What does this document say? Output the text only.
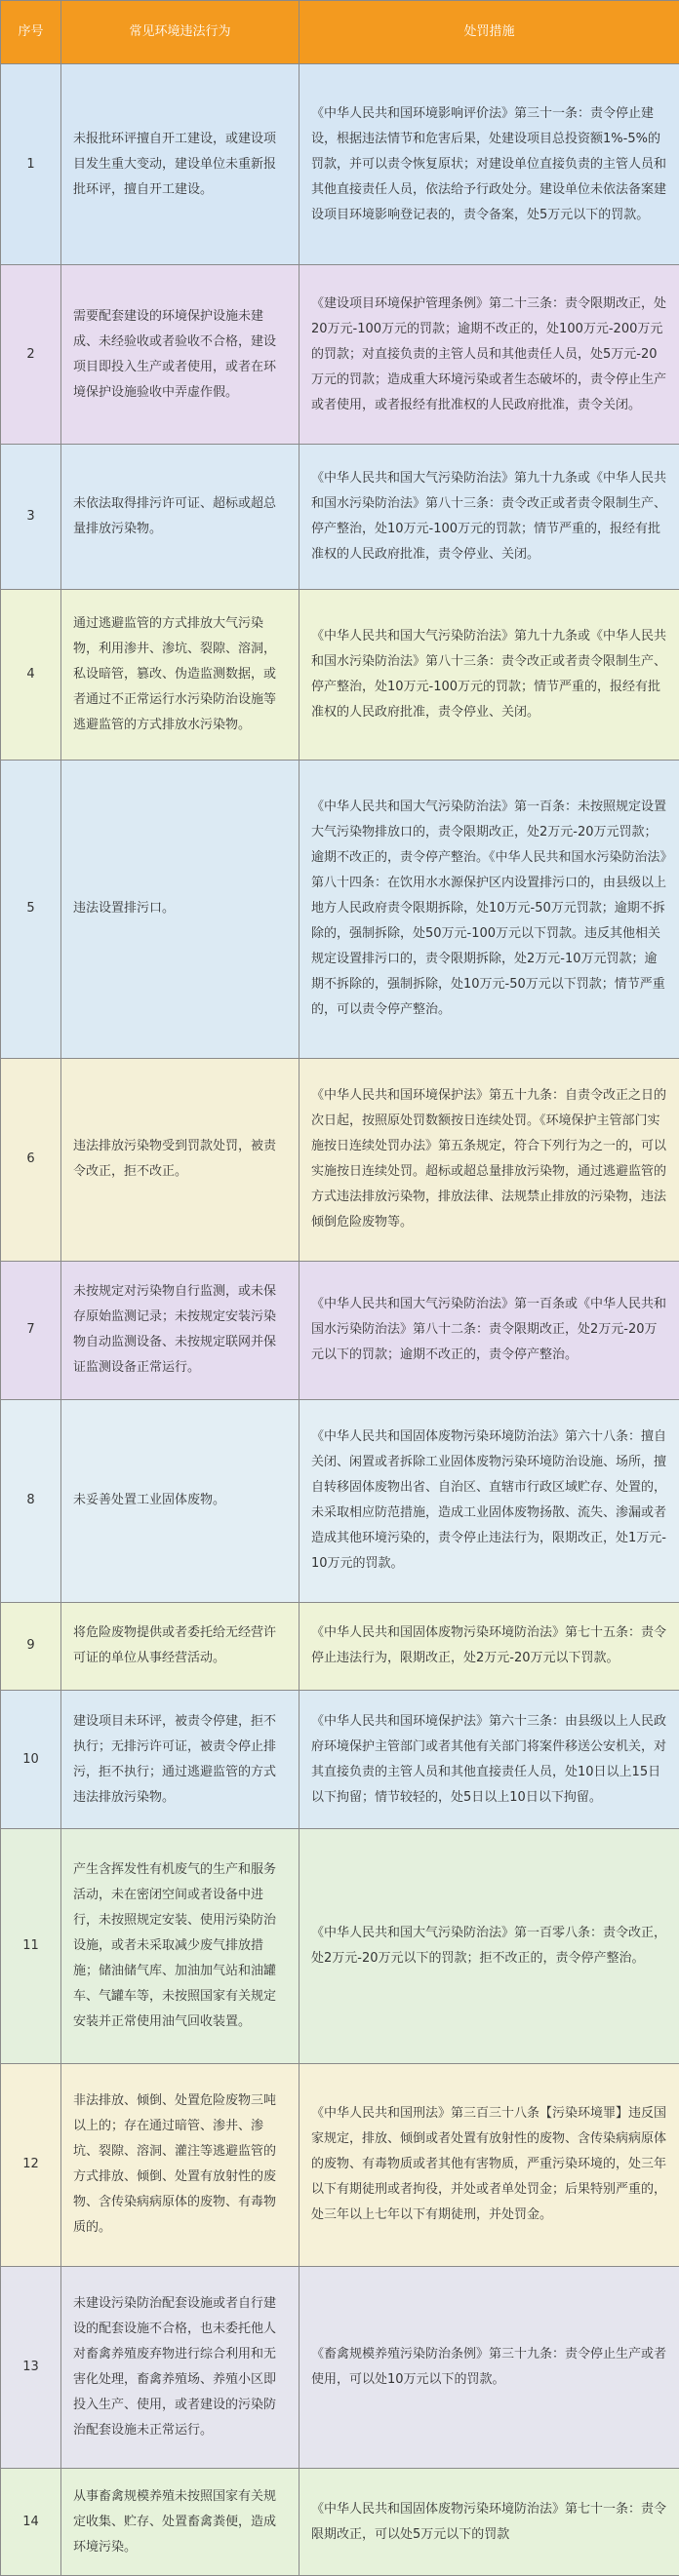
序号	常见环境违法行为	处罚措施
1	未报批环评擅自开工建设，或建设项目发生重大变动，建设单位未重新报批环评，擅自开工建设。	《中华人民共和国环境影响评价法》第三十一条：责令停止建设，根据违法情节和危害后果，处建设项目总投资额1%-5%的罚款，并可以责令恢复原状；对建设单位直接负责的主管人员和其他直接责任人员，依法给予行政处分。建设单位未依法备案建设项目环境影响登记表的，责令备案，处5万元以下的罚款。
2	需要配套建设的环境保护设施未建成、未经验收或者验收不合格，建设项目即投入生产或者使用，或者在环境保护设施验收中弄虚作假。	《建设项目环境保护管理条例》第二十三条：责令限期改正，处20万元-100万元的罚款；逾期不改正的，处100万元-200万元的罚款；对直接负责的主管人员和其他责任人员，处5万元-20万元的罚款；造成重大环境污染或者生态破坏的，责令停止生产或者使用，或者报经有批准权的人民政府批准，责令关闭。
3	未依法取得排污许可证、超标或超总量排放污染物。	《中华人民共和国大气污染防治法》第九十九条或《中华人民共和国水污染防治法》第八十三条：责令改正或者责令限制生产、停产整治，处10万元-100万元的罚款；情节严重的，报经有批准权的人民政府批准，责令停业、关闭。
4	通过逃避监管的方式排放大气污染物，利用渗井、渗坑、裂隙、溶洞，私设暗管，篡改、伪造监测数据，或者通过不正常运行水污染防治设施等逃避监管的方式排放水污染物。	《中华人民共和国大气污染防治法》第九十九条或《中华人民共和国水污染防治法》第八十三条：责令改正或者责令限制生产、停产整治，处10万元-100万元的罚款；情节严重的，报经有批准权的人民政府批准，责令停业、关闭。
5	违法设置排污口。	《中华人民共和国大气污染防治法》第一百条：未按照规定设置大气污染物排放口的，责令限期改正，处2万元-20万元罚款；逾期不改正的，责令停产整治。《中华人民共和国水污染防治法》第八十四条：在饮用水水源保护区内设置排污口的，由县级以上地方人民政府责令限期拆除，处10万元-50万元罚款；逾期不拆除的，强制拆除，处50万元-100万元以下罚款。违反其他相关规定设置排污口的，责令限期拆除，处2万元-10万元罚款；逾期不拆除的，强制拆除，处10万元-50万元以下罚款；情节严重的，可以责令停产整治。
6	违法排放污染物受到罚款处罚，被责令改正，拒不改正。	《中华人民共和国环境保护法》第五十九条：自责令改正之日的次日起，按照原处罚数额按日连续处罚。《环境保护主管部门实施按日连续处罚办法》第五条规定，符合下列行为之一的，可以实施按日连续处罚。超标或超总量排放污染物，通过逃避监管的方式违法排放污染物，排放法律、法规禁止排放的污染物，违法倾倒危险废物等。
7	未按规定对污染物自行监测，或未保存原始监测记录；未按规定安装污染物自动监测设备、未按规定联网并保证监测设备正常运行。	《中华人民共和国大气污染防治法》第一百条或《中华人民共和国水污染防治法》第八十二条：责令限期改正，处2万元-20万元以下的罚款；逾期不改正的，责令停产整治。
8	未妥善处置工业固体废物。	《中华人民共和国固体废物污染环境防治法》第六十八条：擅自关闭、闲置或者拆除工业固体废物污染环境防治设施、场所，擅自转移固体废物出省、自治区、直辖市行政区域贮存、处置的，未采取相应防范措施，造成工业固体废物扬散、流失、渗漏或者造成其他环境污染的，责令停止违法行为，限期改正，处1万元-10万元的罚款。
9	将危险废物提供或者委托给无经营许可证的单位从事经营活动。	《中华人民共和国固体废物污染环境防治法》第七十五条：责令停止违法行为，限期改正，处2万元-20万元以下罚款。
10	建设项目未环评，被责令停建，拒不执行；无排污许可证，被责令停止排污，拒不执行；通过逃避监管的方式违法排放污染物。	《中华人民共和国环境保护法》第六十三条：由县级以上人民政府环境保护主管部门或者其他有关部门将案件移送公安机关，对其直接负责的主管人员和其他直接责任人员，处10日以上15日以下拘留；情节较轻的，处5日以上10日以下拘留。
11	产生含挥发性有机废气的生产和服务活动，未在密闭空间或者设备中进行，未按照规定安装、使用污染防治设施，或者未采取减少废气排放措施；储油储气库、加油加气站和油罐车、气罐车等，未按照国家有关规定安装并正常使用油气回收装置。	《中华人民共和国大气污染防治法》第一百零八条：责令改正，处2万元-20万元以下的罚款；拒不改正的，责令停产整治。
12	非法排放、倾倒、处置危险废物三吨以上的；存在通过暗管、渗井、渗坑、裂隙、溶洞、灌注等逃避监管的方式排放、倾倒、处置有放射性的废物、含传染病病原体的废物、有毒物质的。	《中华人民共和国刑法》第三百三十八条【污染环境罪】违反国家规定，排放、倾倒或者处置有放射性的废物、含传染病病原体的废物、有毒物质或者其他有害物质，严重污染环境的，处三年以下有期徒刑或者拘役，并处或者单处罚金；后果特别严重的，处三年以上七年以下有期徒刑，并处罚金。
13	未建设污染防治配套设施或者自行建设的配套设施不合格，也未委托他人对畜禽养殖废弃物进行综合利用和无害化处理，畜禽养殖场、养殖小区即投入生产、使用，或者建设的污染防治配套设施未正常运行。	《畜禽规模养殖污染防治条例》第三十九条：责令停止生产或者使用，可以处10万元以下的罚款。
14	从事畜禽规模养殖未按照国家有关规定收集、贮存、处置畜禽粪便，造成环境污染。	《中华人民共和国固体废物污染环境防治法》第七十一条：责令限期改正，可以处5万元以下的罚款
